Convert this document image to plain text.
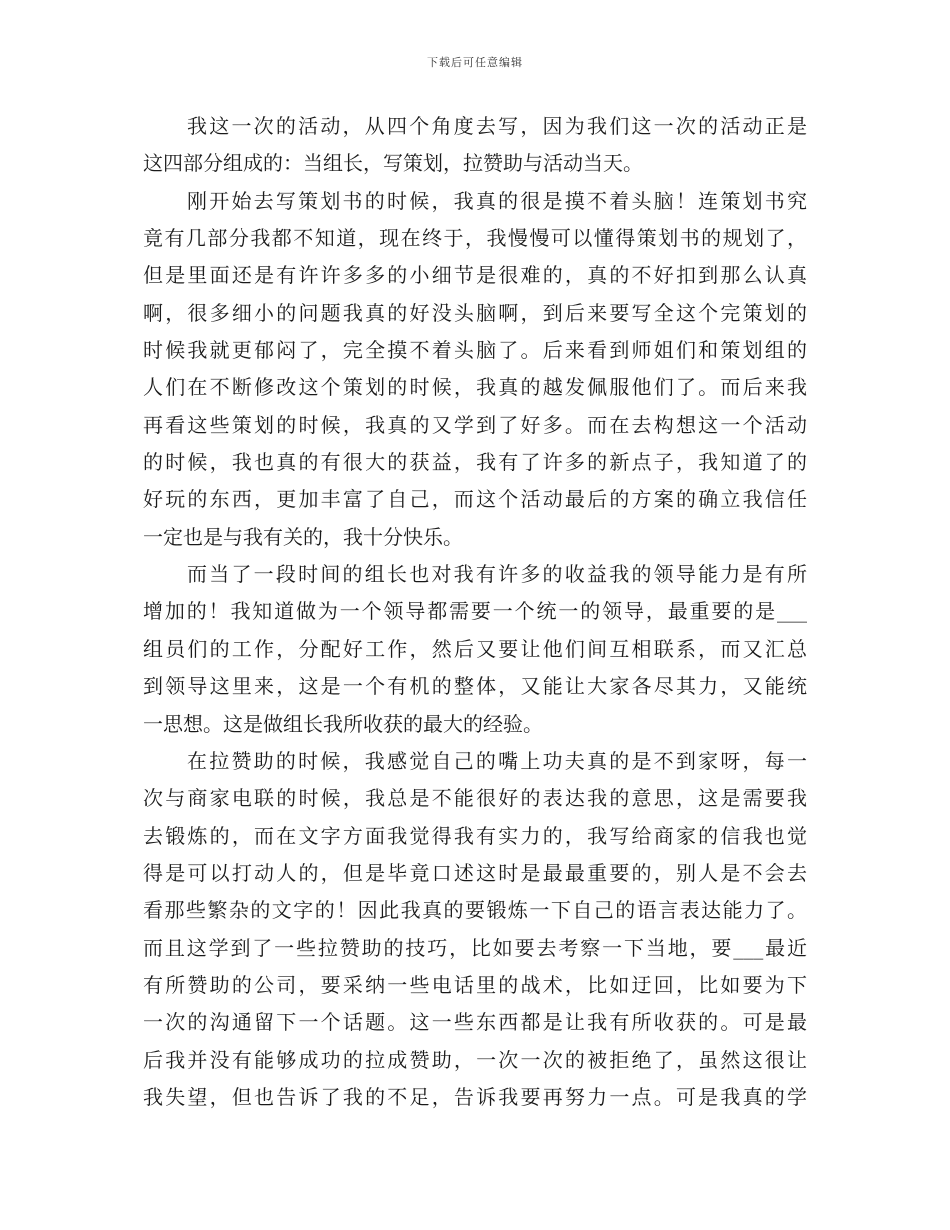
下载后可任意编辑
我这一次的活动，从四个角度去写，因为我们这一次的活动正是
这四部分组成的：当组长，写策划，拉赞助与活动当天。
刚开始去写策划书的时候，我真的很是摸不着头脑！连策划书究
竟有几部分我都不知道，现在终于，我慢慢可以懂得策划书的规划了，
但是里面还是有许许多多的小细节是很难的，真的不好扣到那么认真
啊，很多细小的问题我真的好没头脑啊，到后来要写全这个完策划的
时候我就更郁闷了，完全摸不着头脑了。后来看到师姐们和策划组的
人们在不断修改这个策划的时候，我真的越发佩服他们了。而后来我
再看这些策划的时候，我真的又学到了好多。而在去构想这一个活动
的时候，我也真的有很大的获益，我有了许多的新点子，我知道了的
好玩的东西，更加丰富了自己，而这个活动最后的方案的确立我信任
一定也是与我有关的，我十分快乐。
而当了一段时间的组长也对我有许多的收益我的领导能力是有所
增加的！我知道做为一个领导都需要一个统一的领导，最重要的是___
组员们的工作，分配好工作，然后又要让他们间互相联系，而又汇总
到领导这里来，这是一个有机的整体，又能让大家各尽其力，又能统
一思想。这是做组长我所收获的最大的经验。
在拉赞助的时候，我感觉自己的嘴上功夫真的是不到家呀，每一
次与商家电联的时候，我总是不能很好的表达我的意思，这是需要我
去锻炼的，而在文字方面我觉得我有实力的，我写给商家的信我也觉
得是可以打动人的，但是毕竟口述这时是最最重要的，别人是不会去
看那些繁杂的文字的！因此我真的要锻炼一下自己的语言表达能力了。
而且这学到了一些拉赞助的技巧，比如要去考察一下当地，要___最近
有所赞助的公司，要采纳一些电话里的战术，比如迂回，比如要为下
一次的沟通留下一个话题。这一些东西都是让我有所收获的。可是最
后我并没有能够成功的拉成赞助，一次一次的被拒绝了，虽然这很让
我失望，但也告诉了我的不足，告诉我要再努力一点。可是我真的学
